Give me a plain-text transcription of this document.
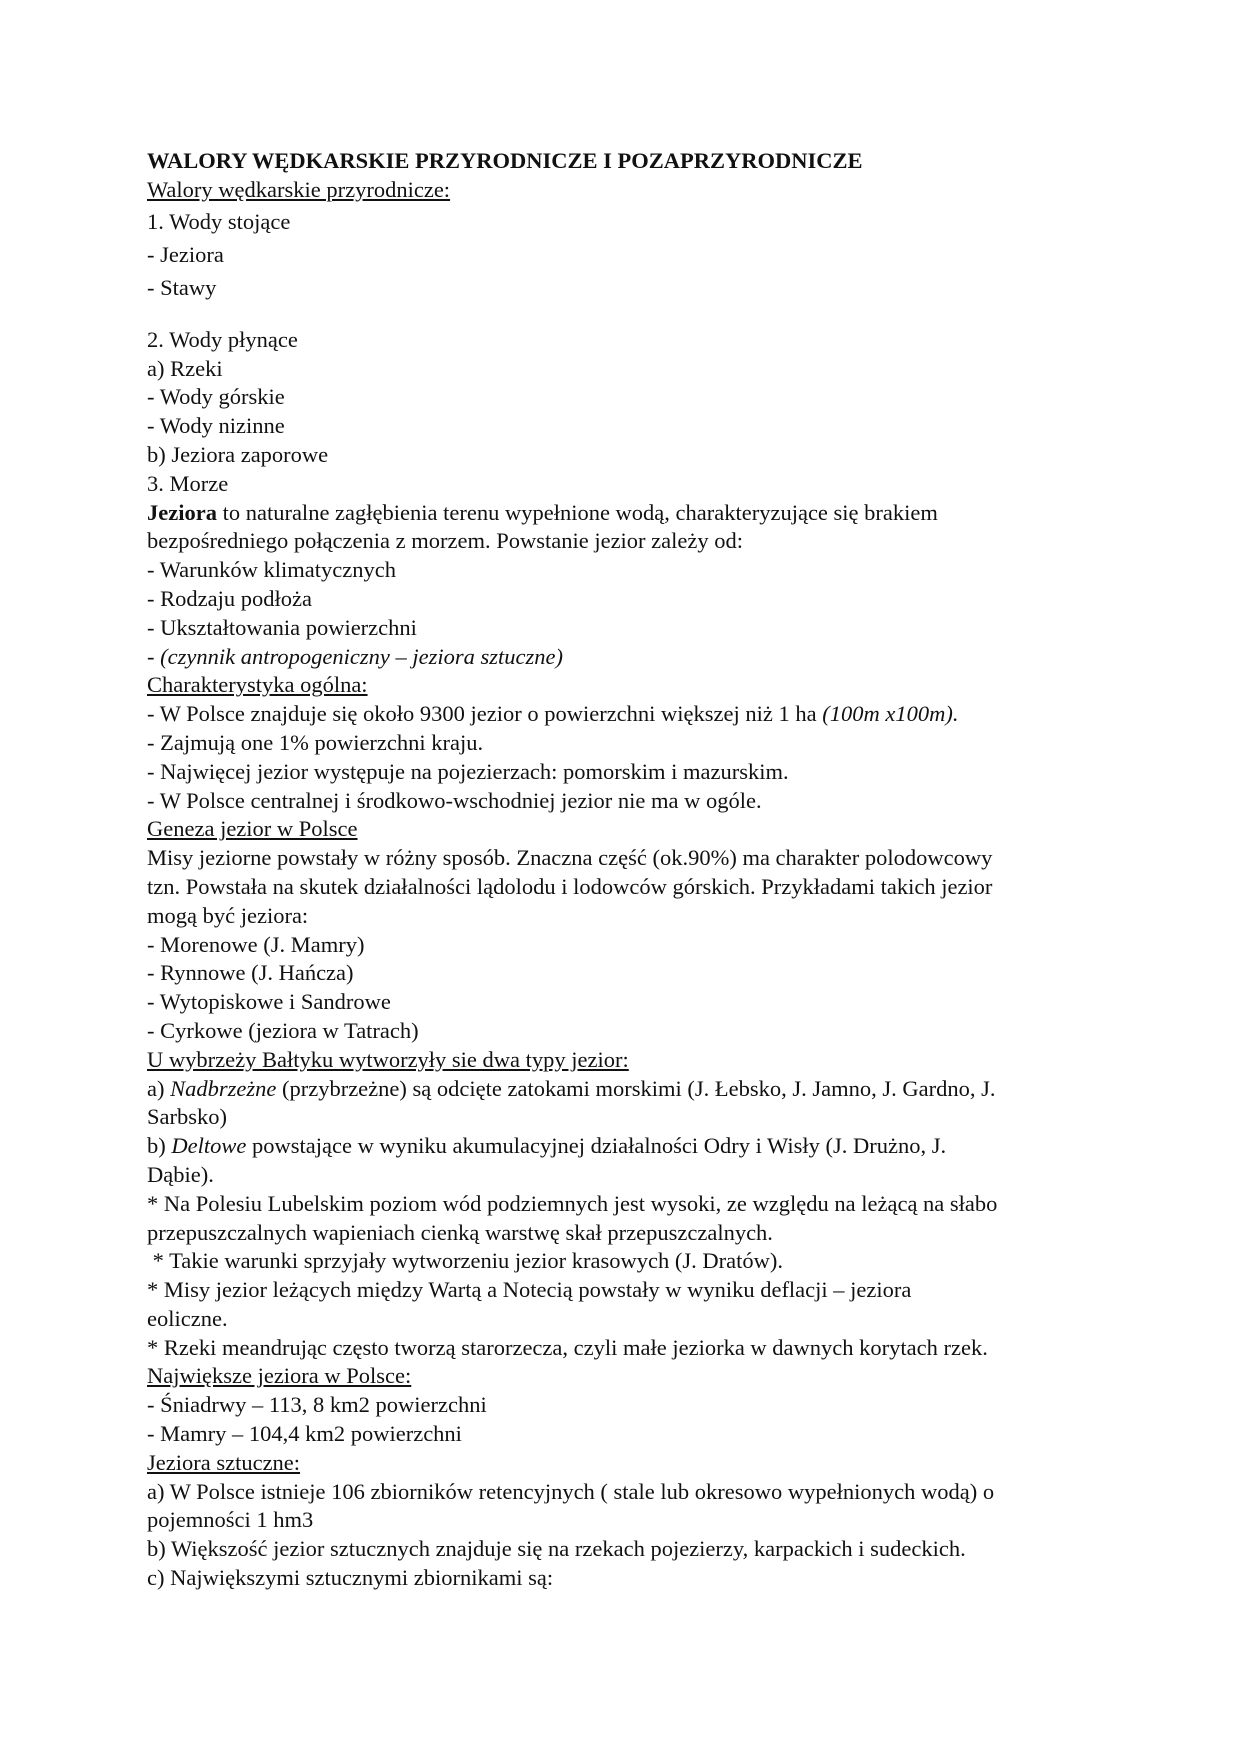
WALORY WĘDKARSKIE PRZYRODNICZE I POZAPRZYRODNICZE

Walory wędkarskie przyrodnicze:

1. Wody stojące

- Jeziora

- Stawy

2. Wody płynące

a) Rzeki

- Wody górskie

- Wody nizinne

b) Jeziora zaporowe

3. Morze

Jeziora to naturalne zagłębienia terenu wypełnione wodą, charakteryzujące się brakiem

bezpośredniego połączenia z morzem. Powstanie jezior zależy od:

- Warunków klimatycznych

- Rodzaju podłoża

- Ukształtowania powierzchni

- (czynnik antropogeniczny – jeziora sztuczne)

Charakterystyka ogólna:

- W Polsce znajduje się około 9300 jezior o powierzchni większej niż 1 ha (100m x100m).

- Zajmują one 1% powierzchni kraju.

- Najwięcej jezior występuje na pojezierzach: pomorskim i mazurskim.

- W Polsce centralnej i środkowo-wschodniej jezior nie ma w ogóle.

Geneza jezior w Polsce

Misy jeziorne powstały w różny sposób. Znaczna część (ok.90%) ma charakter polodowcowy

tzn. Powstała na skutek działalności lądolodu i lodowców górskich. Przykładami takich jezior

mogą być jeziora:

- Morenowe (J. Mamry)

- Rynnowe (J. Hańcza)

- Wytopiskowe i Sandrowe

- Cyrkowe (jeziora w Tatrach)

U wybrzeży Bałtyku wytworzyły sie dwa typy jezior:

a) Nadbrzeżne (przybrzeżne) są odcięte zatokami morskimi (J. Łebsko, J. Jamno, J. Gardno, J.

Sarbsko)

b) Deltowe powstające w wyniku akumulacyjnej działalności Odry i Wisły (J. Drużno, J.

Dąbie).

* Na Polesiu Lubelskim poziom wód podziemnych jest wysoki, ze względu na leżącą na słabo

przepuszczalnych wapieniach cienką warstwę skał przepuszczalnych.

* Takie warunki sprzyjały wytworzeniu jezior krasowych (J. Dratów).

* Misy jezior leżących między Wartą a Notecią powstały w wyniku deflacji – jeziora

eoliczne.

* Rzeki meandrując często tworzą starorzecza, czyli małe jeziorka w dawnych korytach rzek.

Największe jeziora w Polsce:

- Śniadrwy – 113, 8 km2 powierzchni

- Mamry – 104,4 km2 powierzchni

Jeziora sztuczne:

a) W Polsce istnieje 106 zbiorników retencyjnych ( stale lub okresowo wypełnionych wodą) o

pojemności 1 hm3

b) Większość jezior sztucznych znajduje się na rzekach pojezierzy, karpackich i sudeckich.

c) Największymi sztucznymi zbiornikami są:
